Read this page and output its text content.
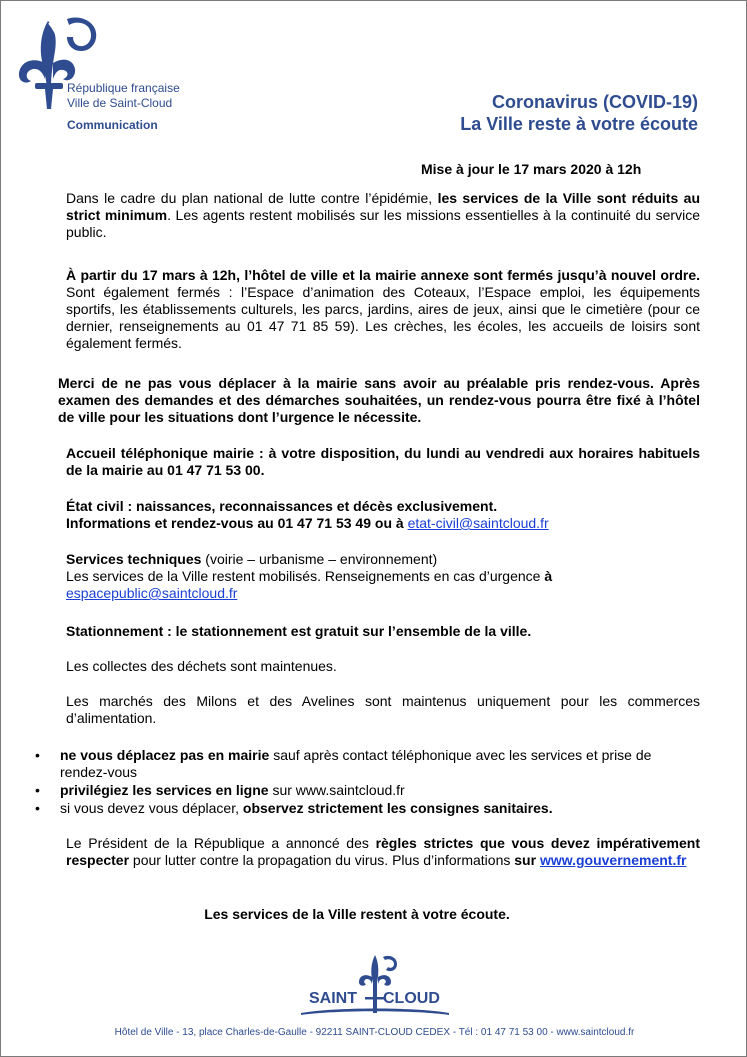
République française
Ville de Saint-Cloud
Communication
Coronavirus (COVID-19)
La Ville reste à votre écoute
Mise à jour le 17 mars 2020 à 12h
Dans le cadre du plan national de lutte contre l’épidémie, les services de la Ville sont réduits au strict minimum. Les agents restent mobilisés sur les missions essentielles à la continuité du service public.
À partir du 17 mars à 12h, l’hôtel de ville et la mairie annexe sont fermés jusqu’à nouvel ordre. Sont également fermés : l’Espace d’animation des Coteaux, l’Espace emploi, les équipements sportifs, les établissements culturels, les parcs, jardins, aires de jeux, ainsi que le cimetière (pour ce dernier, renseignements au 01 47 71 85 59). Les crèches, les écoles, les accueils de loisirs sont également fermés.
Merci de ne pas vous déplacer à la mairie sans avoir au préalable pris rendez-vous. Après examen des demandes et des démarches souhaitées, un rendez-vous pourra être fixé à l’hôtel de ville pour les situations dont l’urgence le nécessite.
Accueil téléphonique mairie : à votre disposition, du lundi au vendredi aux horaires habituels de la mairie au 01 47 71 53 00.
État civil : naissances, reconnaissances et décès exclusivement.
Informations et rendez-vous au 01 47 71 53 49 ou à etat-civil@saintcloud.fr
Services techniques (voirie – urbanisme – environnement)
Les services de la Ville restent mobilisés. Renseignements en cas d’urgence à
espacepublic@saintcloud.fr
Stationnement : le stationnement est gratuit sur l’ensemble de la ville.
Les collectes des déchets sont maintenues.
Les marchés des Milons et des Avelines sont maintenus uniquement pour les commerces d’alimentation.
• ne vous déplacez pas en mairie sauf après contact téléphonique avec les services et prise de rendez-vous
• privilégiez les services en ligne sur www.saintcloud.fr
• si vous devez vous déplacer, observez strictement les consignes sanitaires.
Le Président de la République a annoncé des règles strictes que vous devez impérativement respecter pour lutter contre la propagation du virus. Plus d’informations sur www.gouvernement.fr
Les services de la Ville restent à votre écoute.
SAINT CLOUD
Hôtel de Ville - 13, place Charles-de-Gaulle - 92211 SAINT-CLOUD CEDEX - Tél : 01 47 71 53 00 - www.saintcloud.fr
